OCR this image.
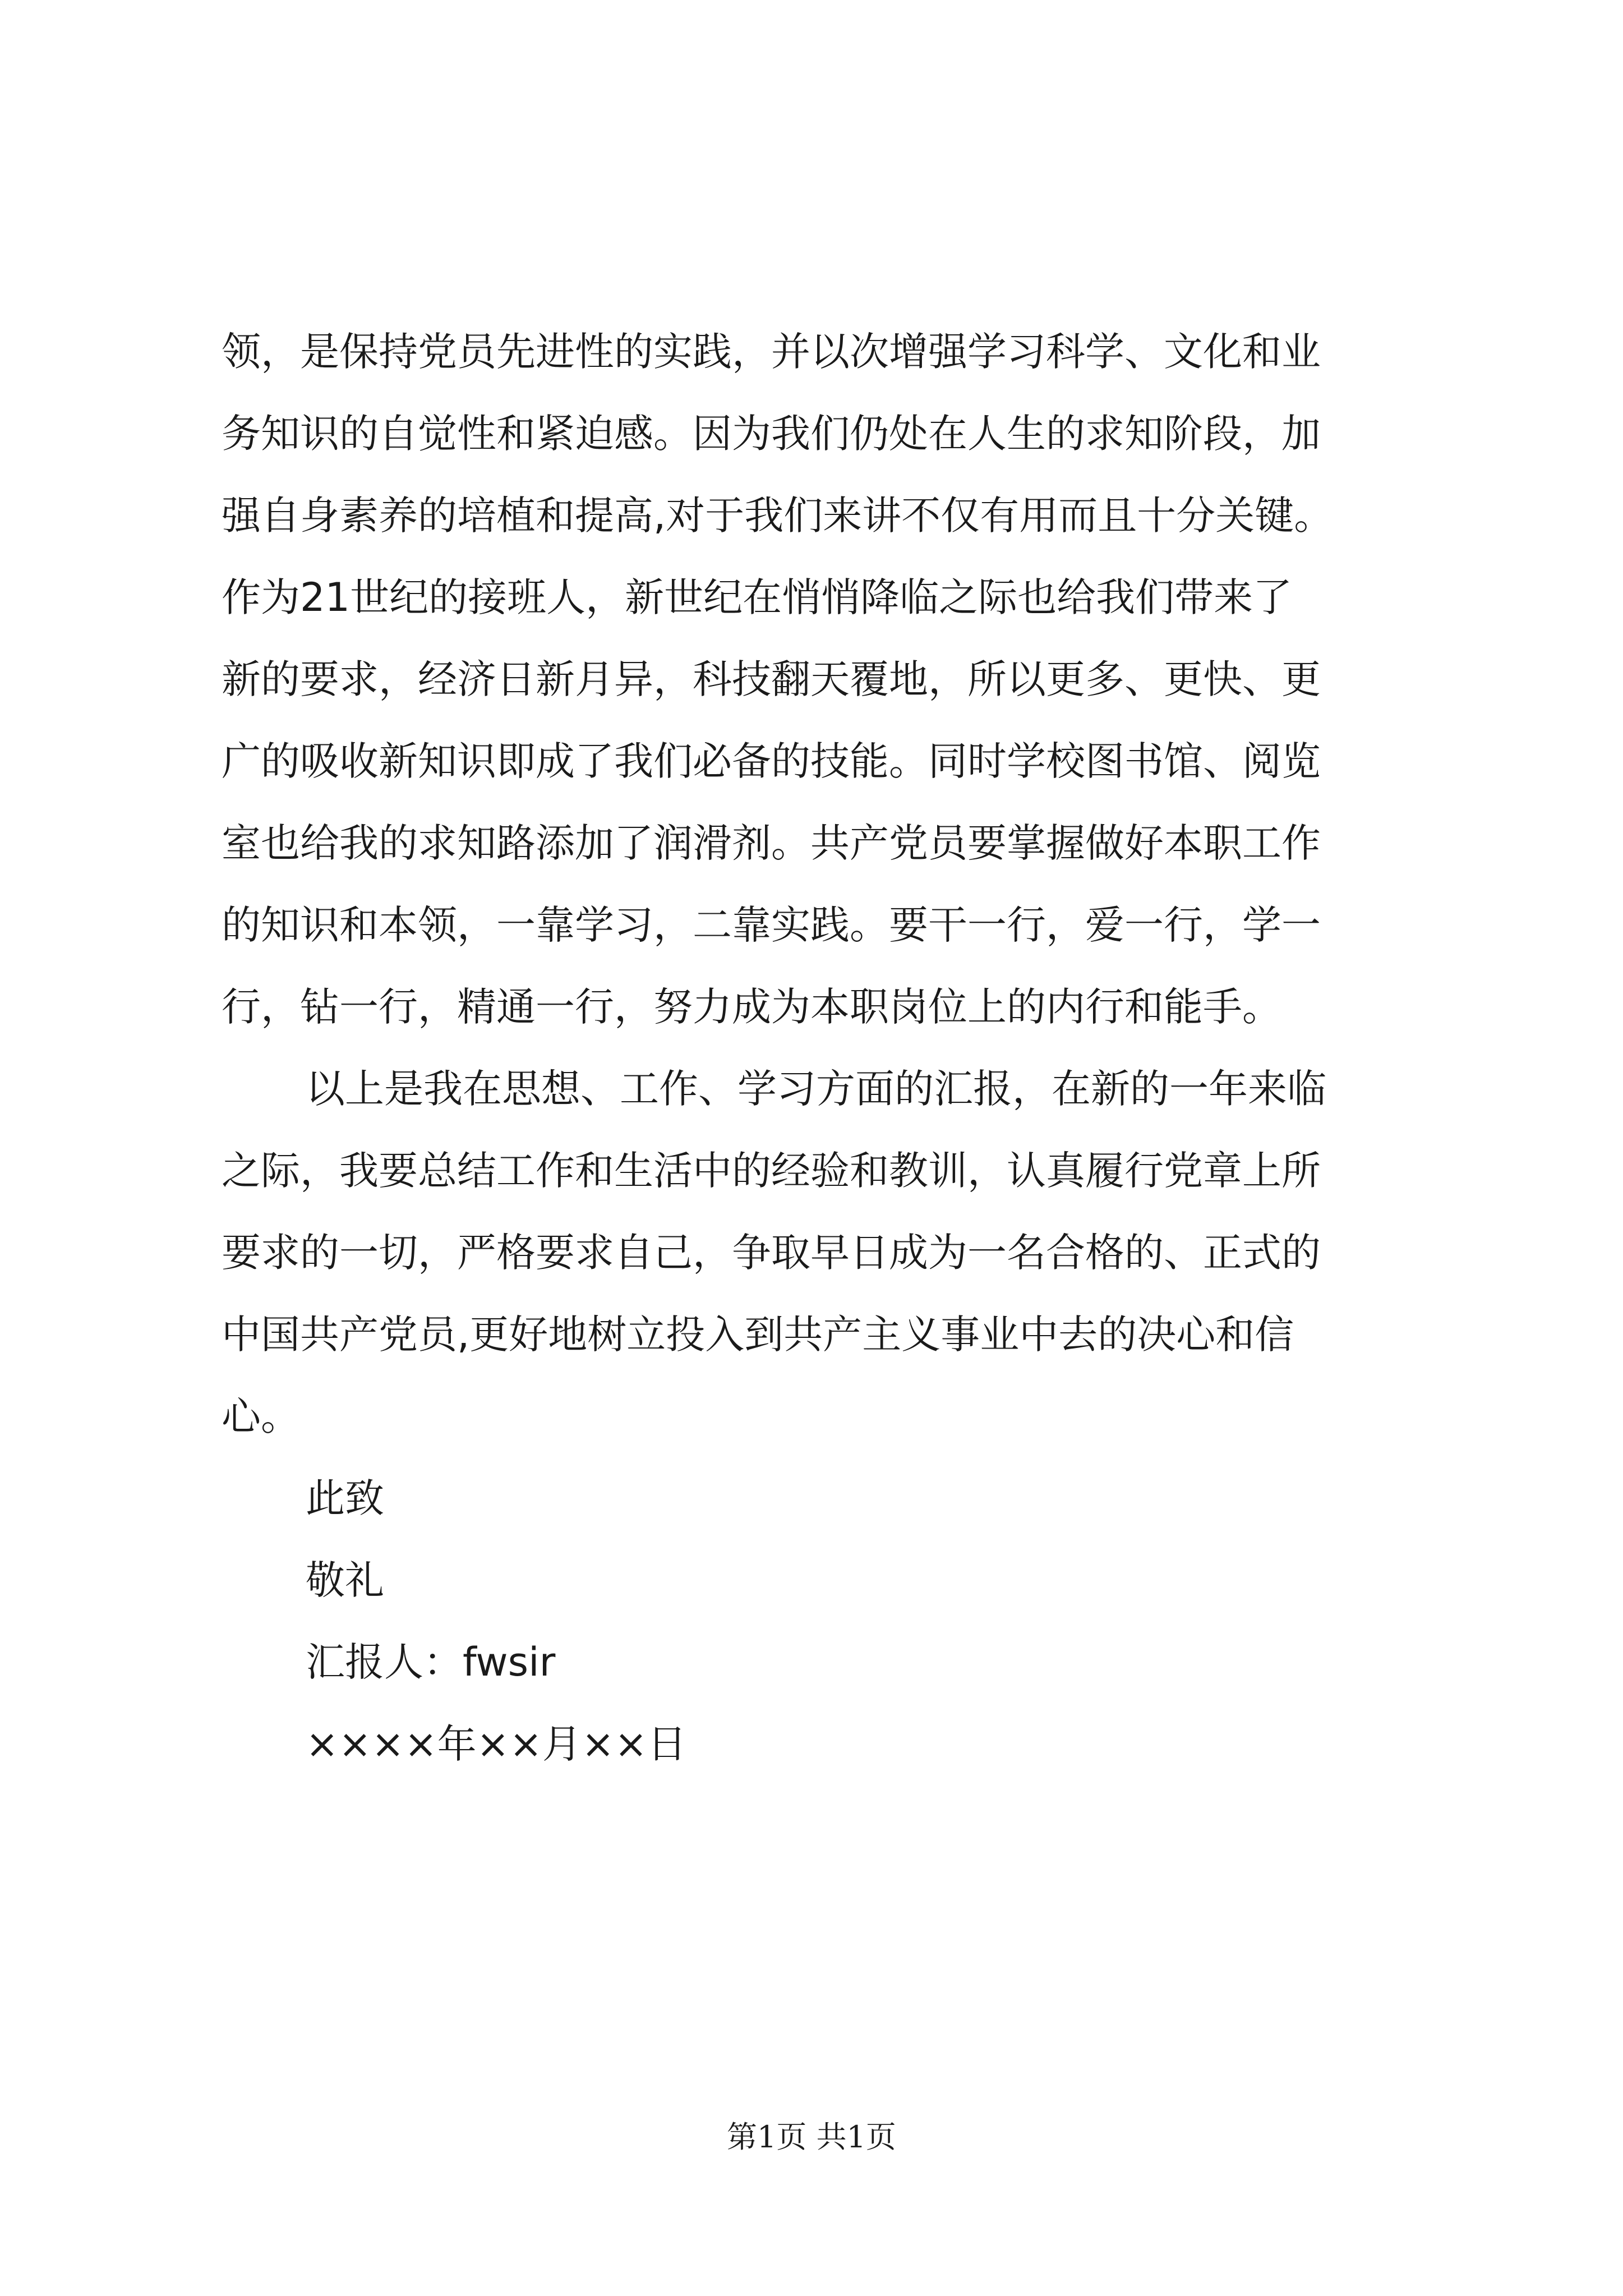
领，是保持党员先进性的实践，并以次增强学习科学、文化和业
务知识的自觉性和紧迫感。因为我们仍处在人生的求知阶段，加
强自身素养的培植和提高,对于我们来讲不仅有用而且十分关键。
作为21世纪的接班人，新世纪在悄悄降临之际也给我们带来了
新的要求，经济日新月异，科技翻天覆地，所以更多、更快、更
广的吸收新知识即成了我们必备的技能。同时学校图书馆、阅览
室也给我的求知路添加了润滑剂。共产党员要掌握做好本职工作
的知识和本领，一靠学习，二靠实践。要干一行，爱一行，学一
行，钻一行，精通一行，努力成为本职岗位上的内行和能手。
以上是我在思想、工作、学习方面的汇报，在新的一年来临
之际，我要总结工作和生活中的经验和教训，认真履行党章上所
要求的一切，严格要求自己，争取早日成为一名合格的、正式的
中国共产党员,更好地树立投入到共产主义事业中去的决心和信
心。
此致
敬礼
汇报人：fwsir
××××年××月××日
第1页 共1页
